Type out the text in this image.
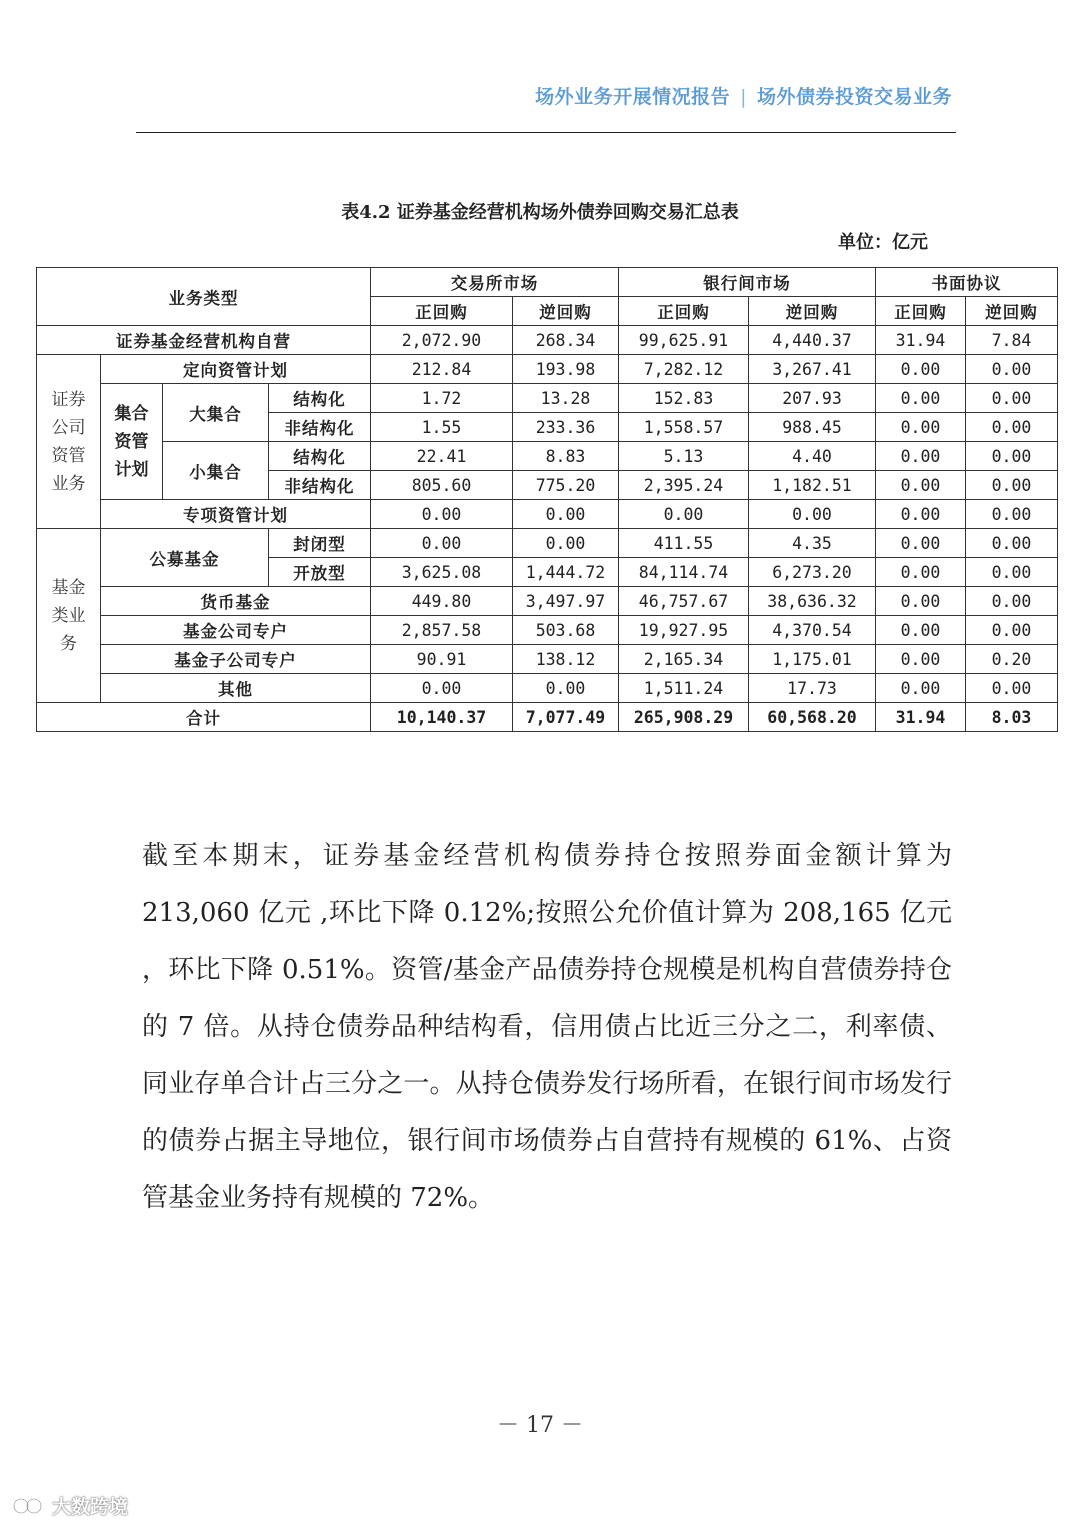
场外业务开展情况报告 | 场外债券投资交易业务
表4.2 证券基金经营机构场外债券回购交易汇总表
单位：亿元
业务类型				交易所市场		银行间市场		书面协议	
				正回购	逆回购	正回购	逆回购	正回购	逆回购
证券基金经营机构自营				2,072.90	268.34	99,625.91	4,440.37	31.94	7.84
证券公司资管业务	定向资管计划			212.84	193.98	7,282.12	3,267.41	0.00	0.00
	集合资管计划	大集合	结构化	1.72	13.28	152.83	207.93	0.00	0.00
			非结构化	1.55	233.36	1,558.57	988.45	0.00	0.00
		小集合	结构化	22.41	8.83	5.13	4.40	0.00	0.00
			非结构化	805.60	775.20	2,395.24	1,182.51	0.00	0.00
	专项资管计划			0.00	0.00	0.00	0.00	0.00	0.00
基金类业务	公募基金		封闭型	0.00	0.00	411.55	4.35	0.00	0.00
			开放型	3,625.08	1,444.72	84,114.74	6,273.20	0.00	0.00
	货币基金			449.80	3,497.97	46,757.67	38,636.32	0.00	0.00
	基金公司专户			2,857.58	503.68	19,927.95	4,370.54	0.00	0.00
	基金子公司专户			90.91	138.12	2,165.34	1,175.01	0.00	0.20
	其他			0.00	0.00	1,511.24	17.73	0.00	0.00
合计				10,140.37	7,077.49	265,908.29	60,568.20	31.94	8.03
截至本期末，证券基金经营机构债券持仓按照券面金额计算为 213,060 亿元 ,环比下降 0.12%;按照公允价值计算为 208,165 亿元 ，环比下降 0.51%。资管/基金产品债券持仓规模是机构自营债券持仓的 7 倍。从持仓债券品种结构看，信用债占比近三分之二，利率债、同业存单合计占三分之一。从持仓债券发行场所看，在银行间市场发行的债券占据主导地位，银行间市场债券占自营持有规模的 61%、占资管基金业务持有规模的 72%。
－ 17 －
大数跨境
